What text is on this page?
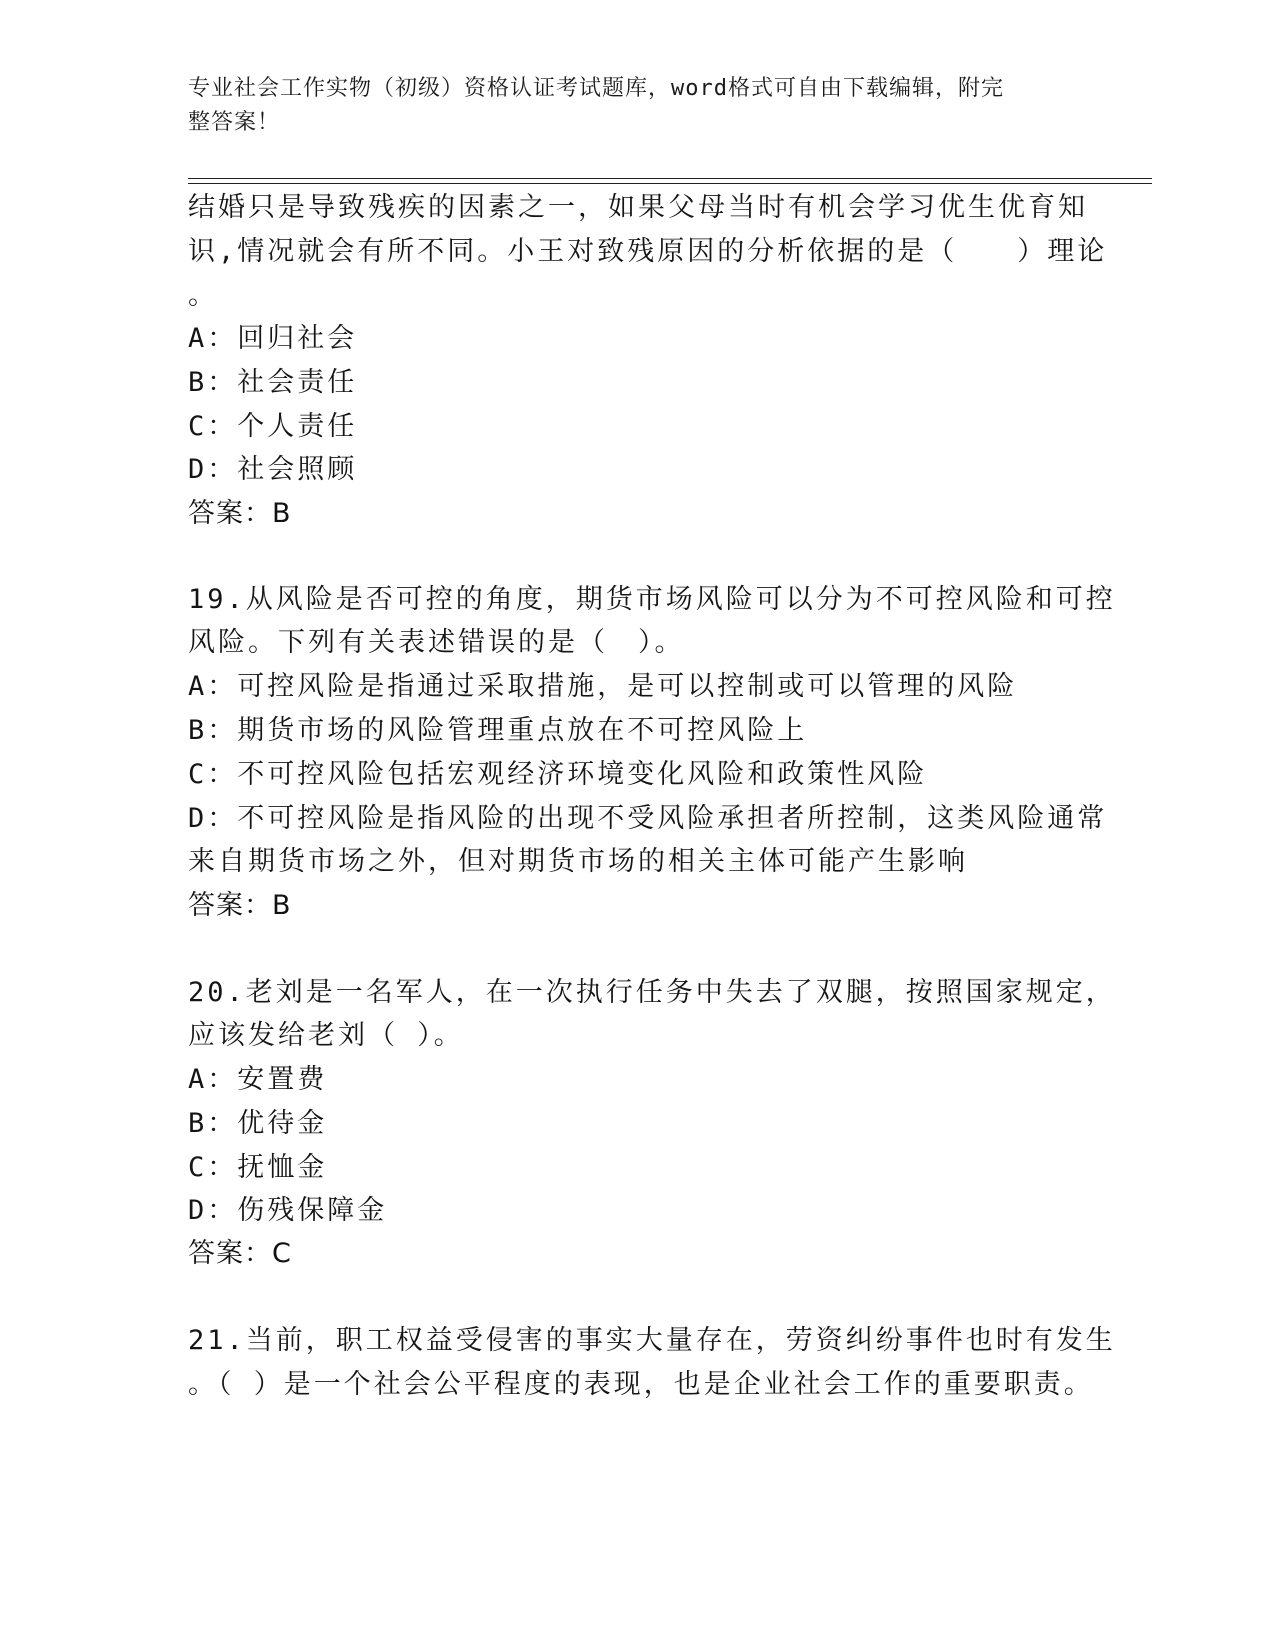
专业社会工作实物（初级）资格认证考试题库，word格式可自由下载编辑，附完
整答案！
结婚只是导致残疾的因素之一，如果父母当时有机会学习优生优育知
识,情况就会有所不同。小王对致残原因的分析依据的是（　　）理论
。
A：回归社会
B：社会责任
C：个人责任
D：社会照顾
答案：B
19.从风险是否可控的角度，期货市场风险可以分为不可控风险和可控
风险。下列有关表述错误的是（　）。
A：可控风险是指通过采取措施，是可以控制或可以管理的风险
B：期货市场的风险管理重点放在不可控风险上
C：不可控风险包括宏观经济环境变化风险和政策性风险
D：不可控风险是指风险的出现不受风险承担者所控制，这类风险通常
来自期货市场之外，但对期货市场的相关主体可能产生影响
答案：B
20.老刘是一名军人，在一次执行任务中失去了双腿，按照国家规定，
应该发给老刘（ ）。
A：安置费
B：优待金
C：抚恤金
D：伤残保障金
答案：C
21.当前，职工权益受侵害的事实大量存在，劳资纠纷事件也时有发生
。（ ）是一个社会公平程度的表现，也是企业社会工作的重要职责。
